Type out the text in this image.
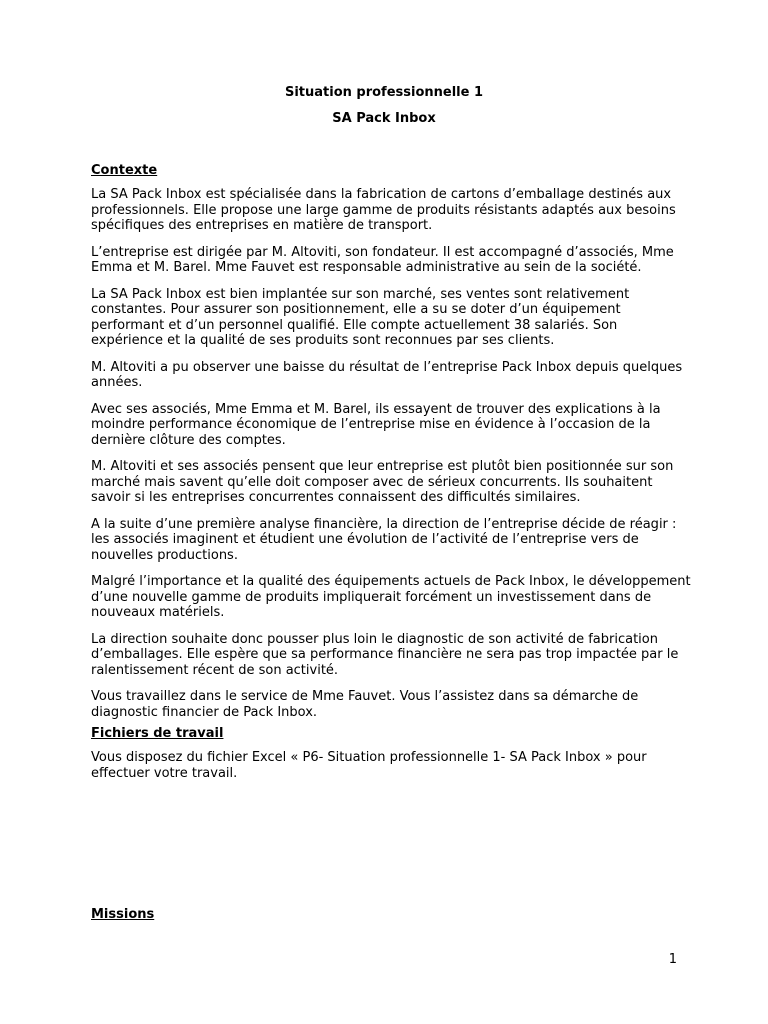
Situation professionnelle 1

SA Pack Inbox

Contexte

La SA Pack Inbox est spécialisée dans la fabrication de cartons d’emballage destinés aux professionnels. Elle propose une large gamme de produits résistants adaptés aux besoins spécifiques des entreprises en matière de transport.

L’entreprise est dirigée par M. Altoviti, son fondateur. Il est accompagné d’associés, Mme Emma et M. Barel. Mme Fauvet est responsable administrative au sein de la société.

La SA Pack Inbox est bien implantée sur son marché, ses ventes sont relativement constantes. Pour assurer son positionnement, elle a su se doter d’un équipement performant et d’un personnel qualifié. Elle compte actuellement 38 salariés. Son expérience et la qualité de ses produits sont reconnues par ses clients.

M. Altoviti a pu observer une baisse du résultat de l’entreprise Pack Inbox depuis quelques années.

Avec ses associés, Mme Emma et M. Barel, ils essayent de trouver des explications à la moindre performance économique de l’entreprise mise en évidence à l’occasion de la dernière clôture des comptes.

M. Altoviti et ses associés pensent que leur entreprise est plutôt bien positionnée sur son marché mais savent qu’elle doit composer avec de sérieux concurrents. Ils souhaitent savoir si les entreprises concurrentes connaissent des difficultés similaires.

A la suite d’une première analyse financière, la direction de l’entreprise décide de réagir : les associés imaginent et étudient une évolution de l’activité de l’entreprise vers de nouvelles productions.

Malgré l’importance et la qualité des équipements actuels de Pack Inbox, le développement d’une nouvelle gamme de produits impliquerait forcément un investissement dans de nouveaux matériels.

La direction souhaite donc pousser plus loin le diagnostic de son activité de fabrication d’emballages. Elle espère que sa performance financière ne sera pas trop impactée par le ralentissement récent de son activité.

Vous travaillez dans le service de Mme Fauvet. Vous l’assistez dans sa démarche de diagnostic financier de Pack Inbox.

Fichiers de travail

Vous disposez du fichier Excel « P6- Situation professionnelle 1- SA Pack Inbox » pour effectuer votre travail.

Missions

1
